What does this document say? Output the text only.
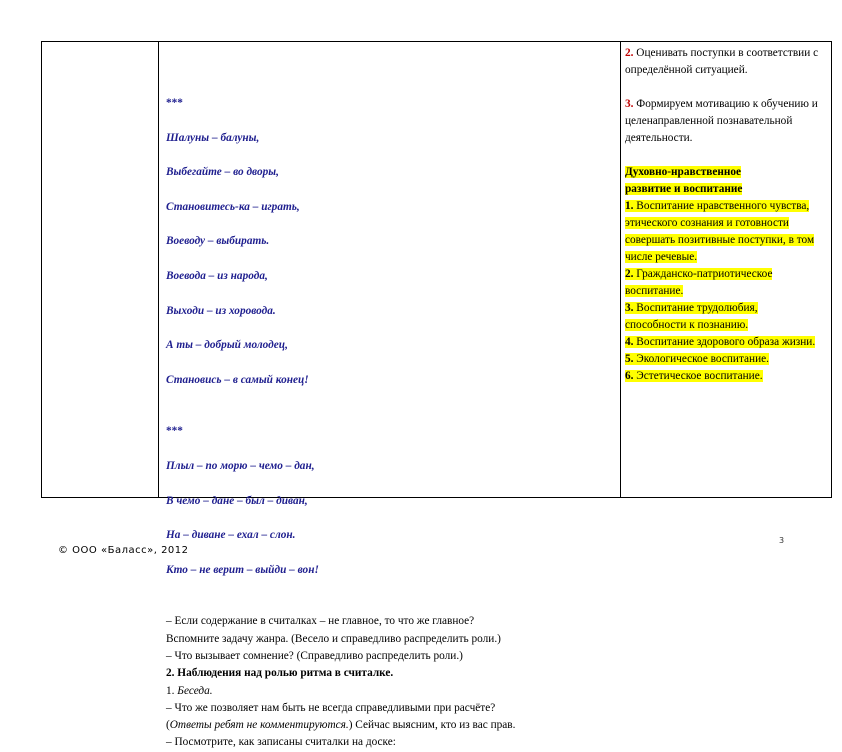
***

Шалуны – балуны,

Выбегайте – во дворы,

Становитесь-ка – играть,

Воеводу – выбирать.

Воевода – из народа,

Выходи – из хоровода.

А ты – добрый молодец,

Становись – в самый конец!

***

Плыл – по морю – чемо – дан,

В чемо – дане – был – диван,

На – диване – ехал – слон.

Кто – не верит – выйди – вон!

– Если содержание в считалках – не главное, то что же главное?
Вспомните задачу жанра. (Весело и справедливо распределить роли.)
– Что вызывает сомнение? (Справедливо распределить роли.)
2. Наблюдения над ролью ритма в считалке.
1. Беседа.
– Что же позволяет нам быть не всегда справедливыми при расчёте?
(Ответы ребят не комментируются.) Сейчас выясним, кто из вас прав.
– Посмотрите, как записаны считалки на доске:
2. Оценивать поступки в соответствии с определённой ситуацией.
3. Формируем мотивацию к обучению и целенаправленной познавательной деятельности.
Духовно-нравственное развитие и воспитание
1. Воспитание нравственного чувства, этического сознания и готовности совершать позитивные поступки, в том числе речевые.
2. Гражданско-патриотическое воспитание.
3. Воспитание трудолюбия, способности к познанию.
4. Воспитание здорового образа жизни.
5. Экологическое воспитание.
6. Эстетическое воспитание.
3
© ООО «Баласс», 2012
